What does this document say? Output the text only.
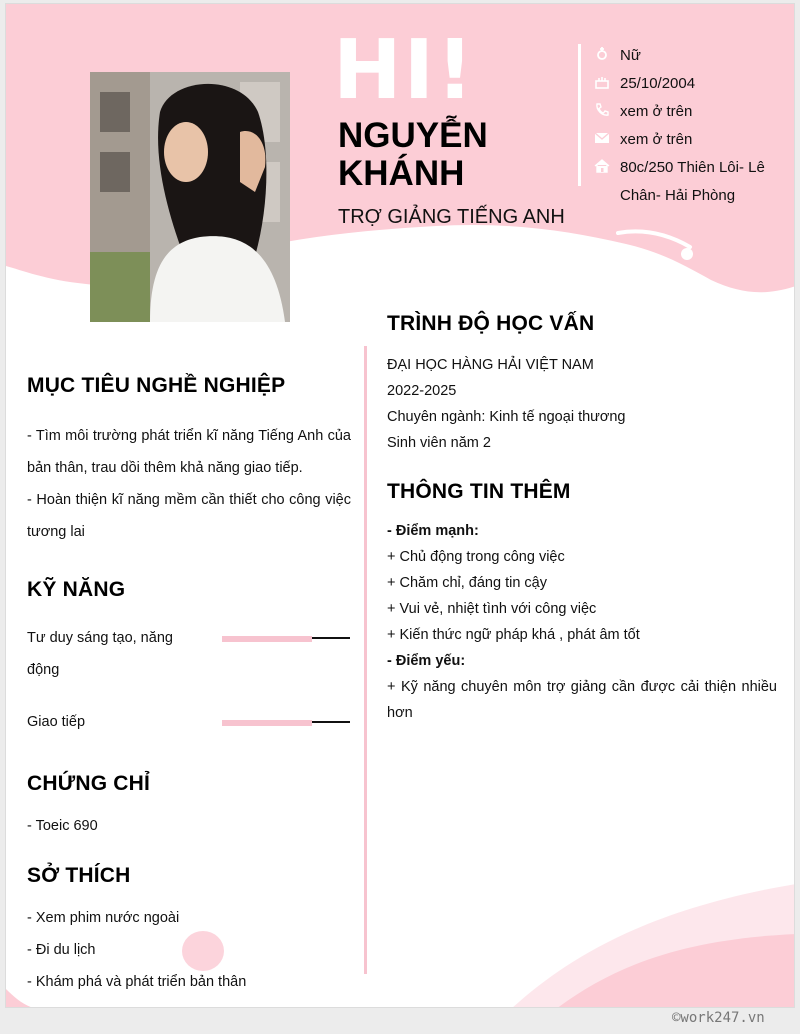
HI!
NGUYỄN
KHÁNH
TRỢ GIẢNG TIẾNG ANH
Nữ
25/10/2004
xem ở trên
xem ở trên
80c/250 Thiên Lôi- Lê
Chân- Hải Phòng
MỤC TIÊU NGHỀ NGHIỆP

- Tìm môi trường phát triển kĩ năng Tiếng Anh của bản thân, trau dồi thêm khả năng giao tiếp.

- Hoàn thiện kĩ năng mềm cần thiết cho công việc tương lai

KỸ NĂNG
Tư duy sáng tạo, năng động
Giao tiếp
CHỨNG CHỈ

- Toeic 690

SỞ THÍCH

- Xem phim nước ngoài

- Đi du lịch

- Khám phá và phát triển bản thân

TRÌNH ĐỘ HỌC VẤN

ĐẠI HỌC HÀNG HẢI VIỆT NAM

2022-2025

Chuyên ngành: Kinh tế ngoại thương

Sinh viên năm 2

THÔNG TIN THÊM

- Điểm mạnh:

+ Chủ động trong công việc

+ Chăm chỉ, đáng tin cậy

+ Vui vẻ, nhiệt tình với công việc

+ Kiến thức ngữ pháp khá , phát âm tốt

- Điểm yếu:

+ Kỹ năng chuyên môn trợ giảng cần được cải thiện nhiều hơn

©work247.vn
